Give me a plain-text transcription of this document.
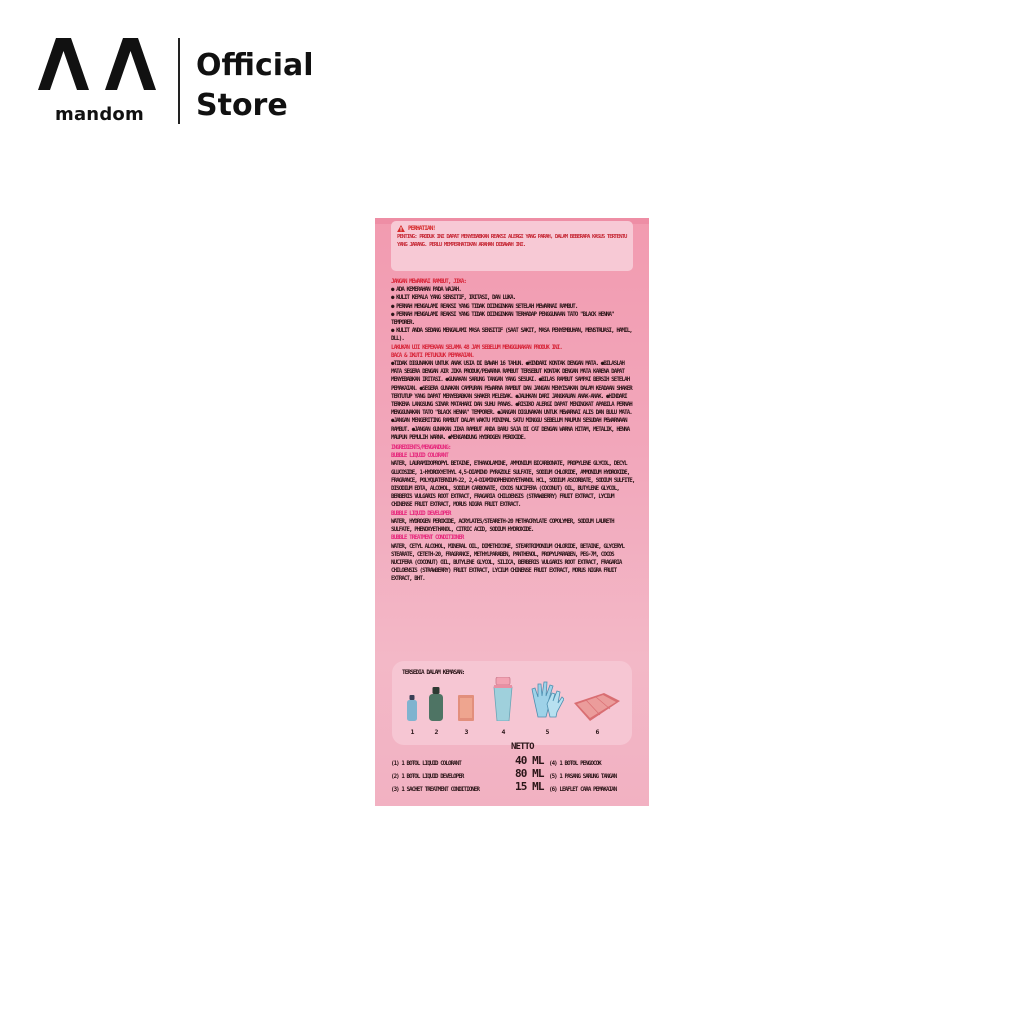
mandom
Official
Store
PERHATIAN!
PENTING: PRODUK INI DAPAT MENYEBABKAN REAKSI ALERGI YANG PARAH, DALAM BEBERAPA KASUS TERTENTU YANG JARANG. PERLU MEMPERHATIKAN ARAHAN DIBAWAH INI.

JANGAN MEWARNAI RAMBUT, JIKA:

● ADA KEMERAHAN PADA WAJAH.

● KULIT KEPALA YANG SENSITIF, IRITASI, DAN LUKA.

● PERNAH MENGALAMI REAKSI YANG TIDAK DIINGINKAN SETELAH MEWARNAI RAMBUT.

● PERNAH MENGALAMI REAKSI YANG TIDAK DIINGINKAN TERHADAP PENGGUNAAN TATO "BLACK HENNA" TEMPORER.

● KULIT ANDA SEDANG MENGALAMI MASA SENSITIF (SAAT SAKIT, MASA PENYEMBUHAN, MENSTRUASI, HAMIL, DLL).

LAKUKAN UJI KEPEKAAN SELAMA 48 JAM SEBELUM MENGGUNAKAN PRODUK INI.

BACA & IKUTI PETUNJUK PEMAKAIAN.

●TIDAK DIGUNAKAN UNTUK ANAK USIA DI BAWAH 16 TAHUN. ●HINDARI KONTAK DENGAN MATA. ●BILASLAH MATA SEGERA DENGAN AIR JIKA PRODUK/PEWARNA RAMBUT TERSEBUT KONTAK DENGAN MATA KARENA DAPAT MENYEBABKAN IRITASI. ●GUNAKAN SARUNG TANGAN YANG SESUAI. ●BILAS RAMBUT SAMPAI BERSIH SETELAH PEMAKAIAN. ●SEGERA GUNAKAN CAMPURAN PEWARNA RAMBUT DAN JANGAN MENYISAKAN DALAM KEADAAN SHAKER TERTUTUP YANG DAPAT MENYEBABKAN SHAKER MELEDAK. ●JAUHKAN DARI JANGKAUAN ANAK-ANAK. ●HINDARI TERKENA LANGSUNG SINAR MATAHARI DAN SUHU PANAS. ●RISIKO ALERGI DAPAT MENINGKAT APABILA PERNAH MENGGUNAKAN TATO "BLACK HENNA" TEMPORER. ●JANGAN DIGUNAKAN UNTUK MEWARNAI ALIS DAN BULU MATA. ●JANGAN MENGERITING RAMBUT DALAM WAKTU MINIMAL SATU MINGGU SEBELUM MAUPUN SESUDAH PEWARNAAN RAMBUT. ●JANGAN GUNAKAN JIKA RAMBUT ANDA BARU SAJA DI CAT DENGAN WARNA HITAM, METALIK, HENNA MAUPUN PEMULIH WARNA. ●MENGANDUNG HYDROGEN PEROXIDE.

INGREDIENTS/MENGANDUNG:

BUBBLE LIQUID COLORANT

WATER, LAURAMIDOPROPYL BETAINE, ETHANOLAMINE, AMMONIUM BICARBONATE, PROPYLENE GLYCOL, DECYL GLUCOSIDE, 1-HYDROXYETHYL 4,5-DIAMINO PYRAZOLE SULFATE, SODIUM CHLORIDE, AMMONIUM HYDROXIDE, FRAGRANCE, POLYQUATERNIUM-22, 2,4-DIAMINOPHENOXYETHANOL HCL, SODIUM ASCORBATE, SODIUM SULFITE, DISODIUM EDTA, ALCOHOL, SODIUM CARBONATE, COCOS NUCIFERA (COCONUT) OIL, BUTYLENE GLYCOL, BERBERIS VULGARIS ROOT EXTRACT, FRAGARIA CHILOENSIS (STRAWBERRY) FRUIT EXTRACT, LYCIUM CHINENSE FRUIT EXTRACT, MORUS NIGRA FRUIT EXTRACT.

BUBBLE LIQUID DEVELOPER

WATER, HYDROGEN PEROXIDE, ACRYLATES/STEARETH-20 METHACRYLATE COPOLYMER, SODIUM LAURETH SULFATE, PHENOXYETHANOL, CITRIC ACID, SODIUM HYDROXIDE.

BUBBLE TREATMENT CONDITIONER

WATER, CETYL ALCOHOL, MINERAL OIL, DIMETHICONE, STEARTRIMONIUM CHLORIDE, BETAINE, GLYCERYL STEARATE, CETETH-20, FRAGRANCE, METHYLPARABEN, PANTHENOL, PROPYLPARABEN, PEG-7M, COCOS NUCIFERA (COCONUT) OIL, BUTYLENE GLYCOL, SILICA, BERBERIS VULGARIS ROOT EXTRACT, FRAGARIA CHILOENSIS (STRAWBERRY) FRUIT EXTRACT, LYCIUM CHINENSE FRUIT EXTRACT, MORUS NIGRA FRUIT EXTRACT, BHT.

TERSEDIA DALAM KEMASAN:
1	2	3	4	5	6
NETTO
(1) 1 BOTOL LIQUID COLORANT	40 ML
(2) 1 BOTOL LIQUID DEVELOPER	80 ML
(3) 1 SACHET TREATMENT CONDITIONER	15 ML
(4) 1 BOTOL PENGOCOK
(5) 1 PASANG SARUNG TANGAN
(6) LEAFLET CARA PEMAKAIAN
